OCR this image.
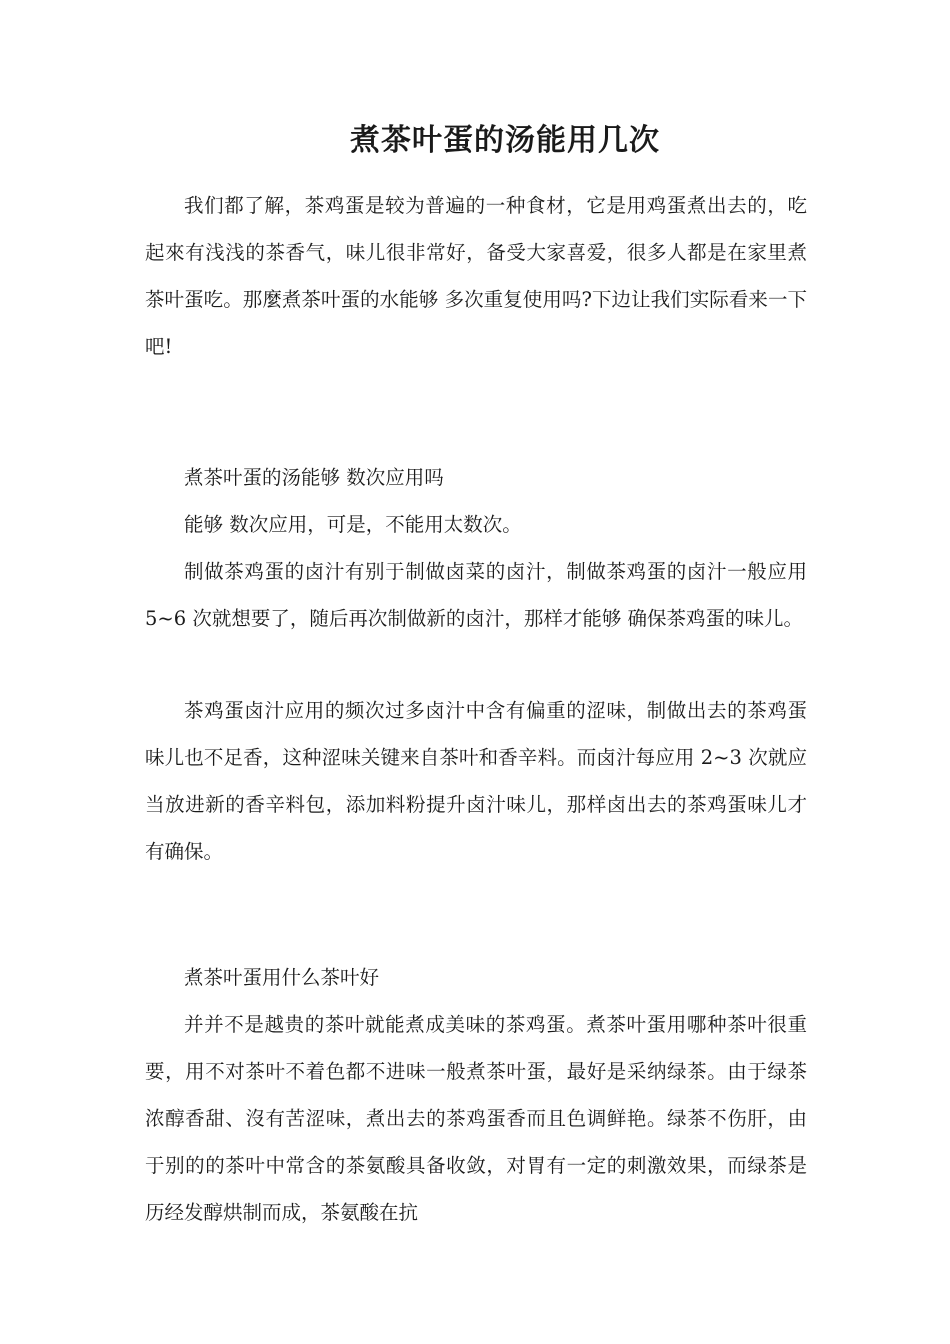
煮茶叶蛋的汤能用几次

我们都了解，茶鸡蛋是较为普遍的一种食材，它是用鸡蛋煮出去的，吃起來有浅浅的茶香气，味儿很非常好，备受大家喜爱，很多人都是在家里煮茶叶蛋吃。那麼煮茶叶蛋的水能够 多次重复使用吗?下边让我们实际看来一下吧!

煮茶叶蛋的汤能够 数次应用吗

能够 数次应用，可是，不能用太数次。

制做茶鸡蛋的卤汁有别于制做卤菜的卤汁，制做茶鸡蛋的卤汁一般应用 5~6 次就想要了，随后再次制做新的卤汁，那样才能够 确保茶鸡蛋的味儿。

茶鸡蛋卤汁应用的频次过多卤汁中含有偏重的涩味，制做出去的茶鸡蛋味儿也不足香，这种涩味关键来自茶叶和香辛料。而卤汁每应用 2~3 次就应当放进新的香辛料包，添加料粉提升卤汁味儿，那样卤出去的茶鸡蛋味儿才有确保。

煮茶叶蛋用什么茶叶好

并并不是越贵的茶叶就能煮成美味的茶鸡蛋。煮茶叶蛋用哪种茶叶很重要，用不对茶叶不着色都不进味一般煮茶叶蛋，最好是采纳绿茶。由于绿茶浓醇香甜、沒有苦涩味，煮出去的茶鸡蛋香而且色调鲜艳。绿茶不伤肝，由于别的的茶叶中常含的茶氨酸具备收敛，对胃有一定的刺激效果，而绿茶是历经发醇烘制而成，茶氨酸在抗
